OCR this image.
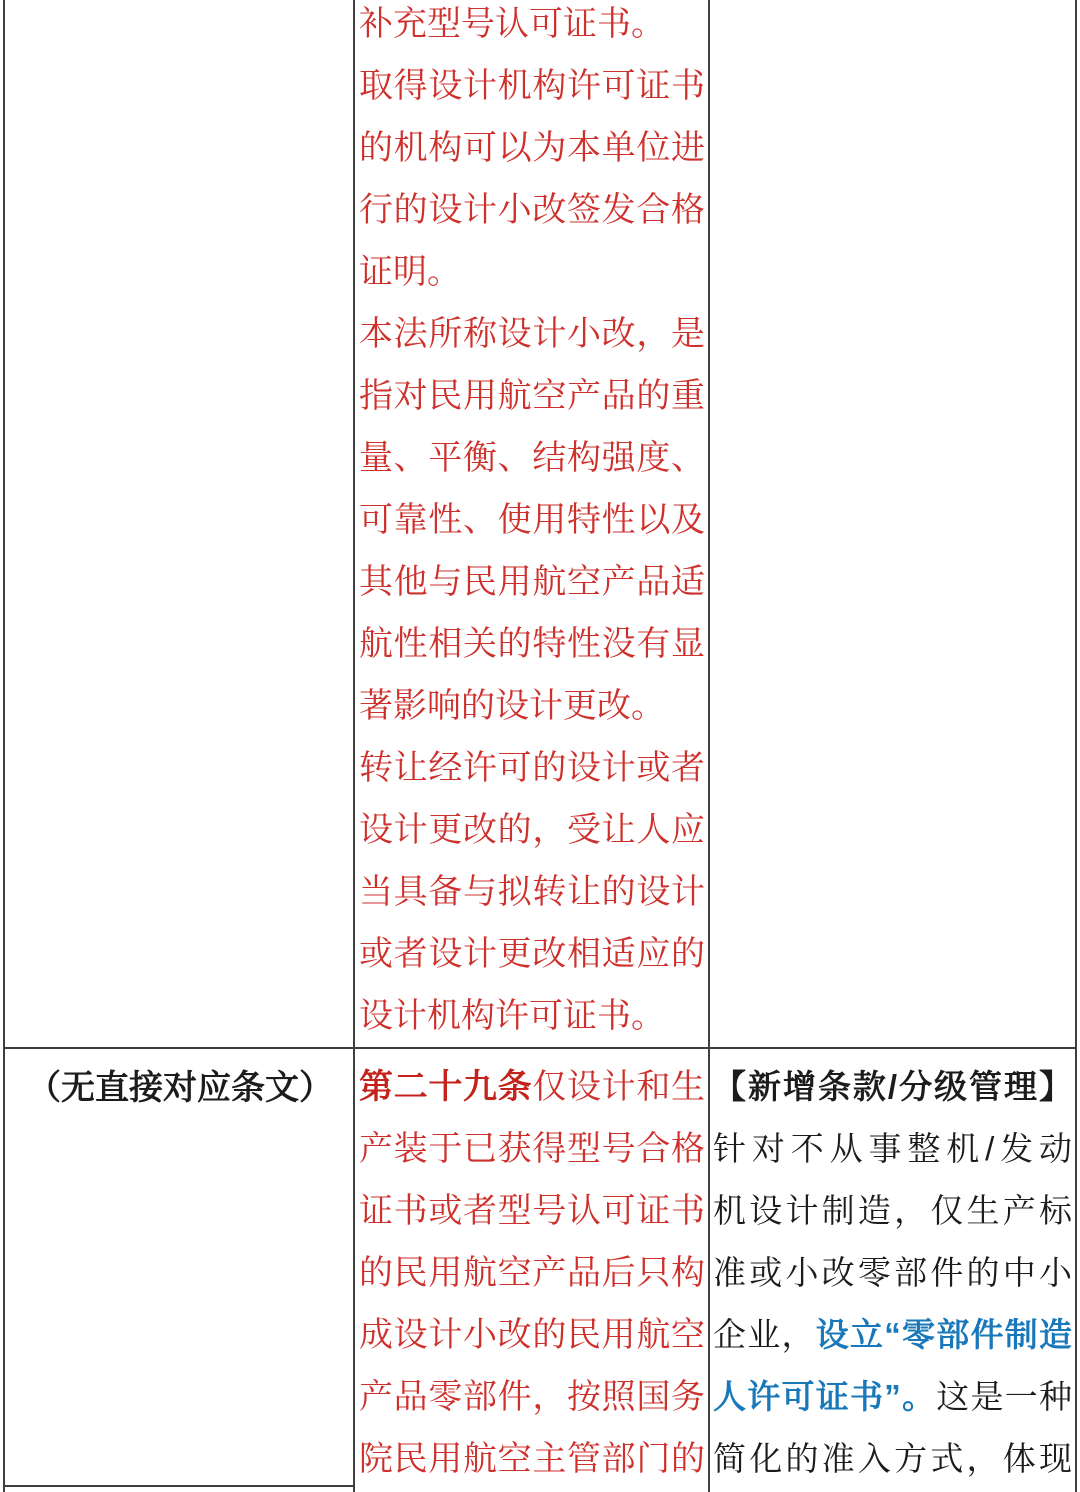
补充型号认可证书。
取得设计机构许可证书
的机构可以为本单位进
行的设计小改签发合格
证明。
本法所称设计小改，是
指对民用航空产品的重
量、平衡、结构强度、
可靠性、使用特性以及
其他与民用航空产品适
航性相关的特性没有显
著影响的设计更改。
转让经许可的设计或者
设计更改的，受让人应
当具备与拟转让的设计
或者设计更改相适应的
设计机构许可证书。
（无直接对应条文） 第二十九条仅设计和生
产装于已获得型号合格
证书或者型号认可证书
的民用航空产品后只构
成设计小改的民用航空
产品零部件，按照国务
院民用航空主管部门的
【新增条款/分级管理】
针对不从事整机/发动
机设计制造，仅生产标
准或小改零部件的中小
企业，设立“零部件制造
人许可证书”。这是一种
简化的准入方式，体现
